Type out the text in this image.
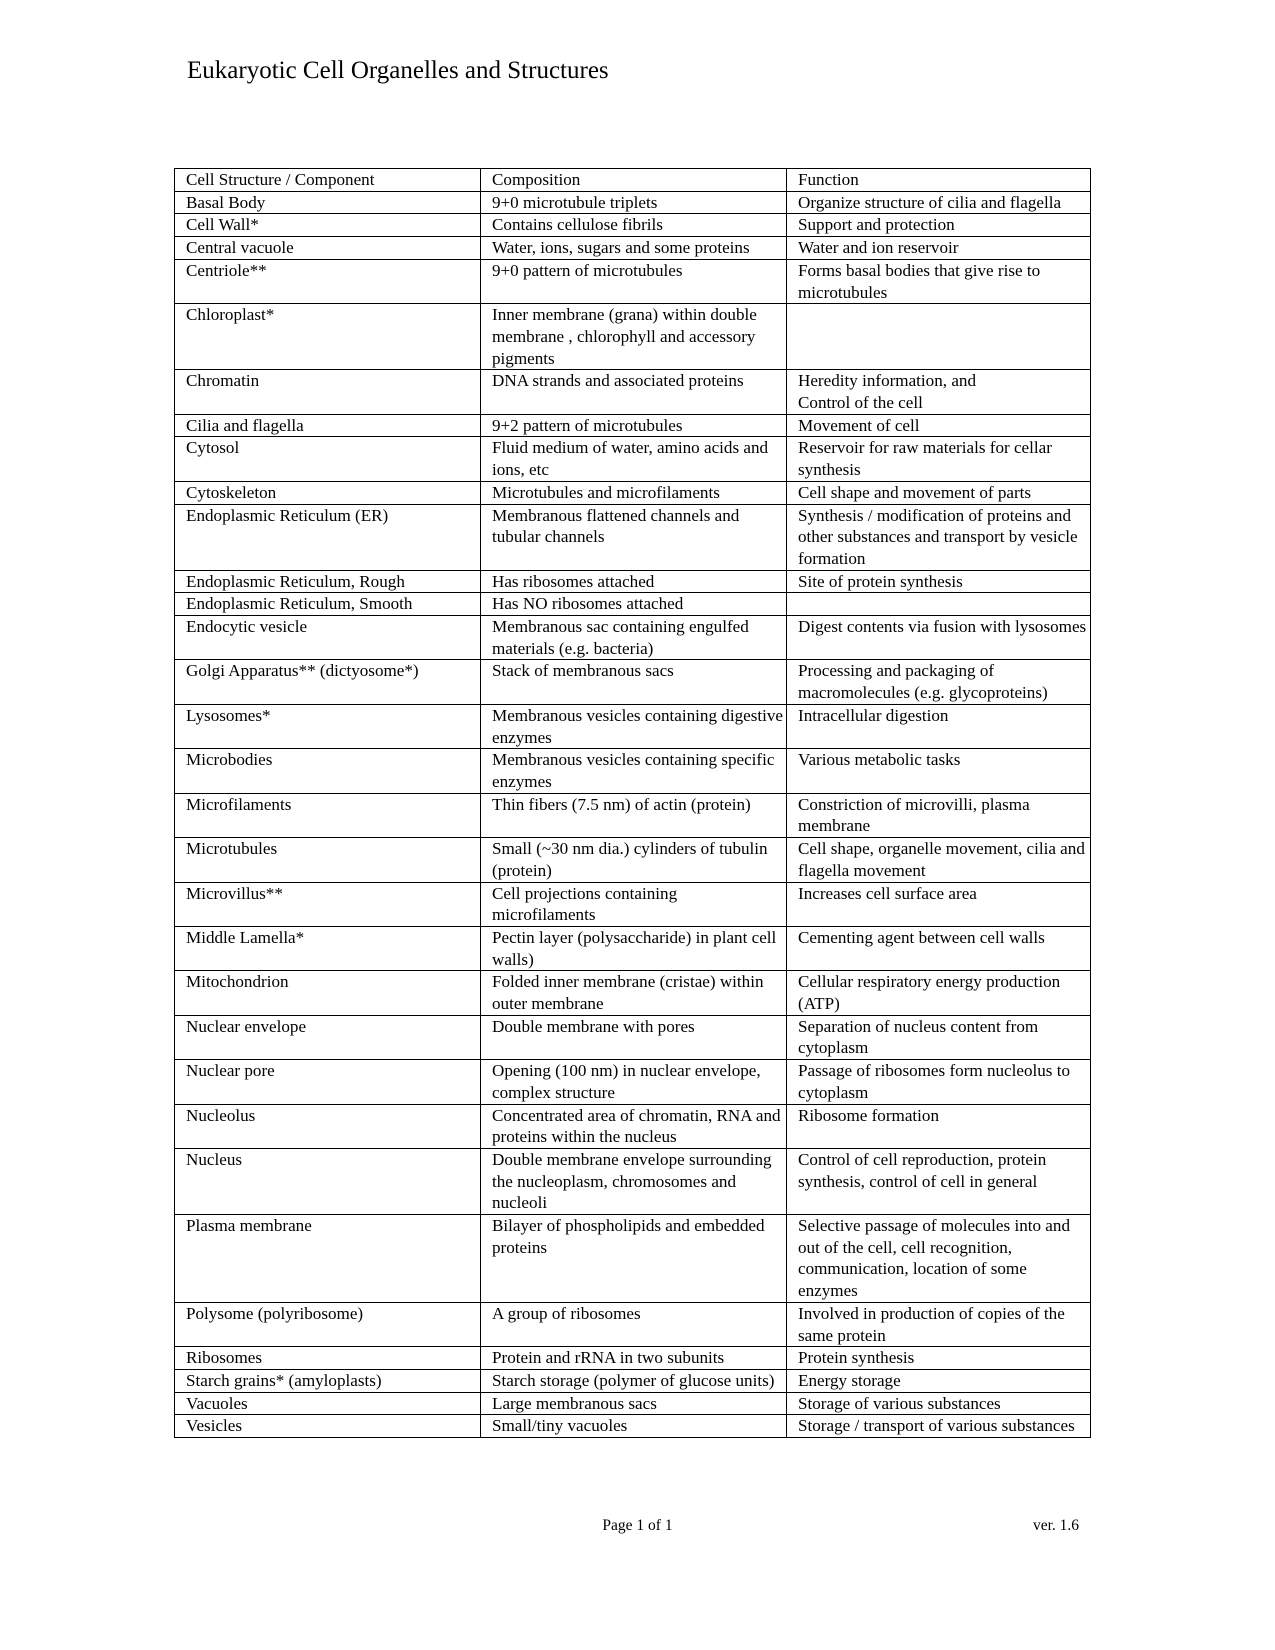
Eukaryotic Cell Organelles and Structures
Cell Structure / Component	Composition	Function
Basal Body	9+0 microtubule triplets	Organize structure of cilia and flagella
Cell Wall*	Contains cellulose fibrils	Support and protection
Central vacuole	Water, ions, sugars and some proteins	Water and ion reservoir
Centriole**	9+0 pattern of microtubules	Forms basal bodies that give rise to microtubules
Chloroplast*	Inner membrane (grana) within double membrane , chlorophyll and accessory pigments	
Chromatin	DNA strands and associated proteins	Heredity information, and
Control of the cell
Cilia and flagella	9+2 pattern of microtubules	Movement of cell
Cytosol	Fluid medium of water, amino acids and ions, etc	Reservoir for raw materials for cellar synthesis
Cytoskeleton	Microtubules and microfilaments	Cell shape and movement of parts
Endoplasmic Reticulum (ER)	Membranous flattened channels and tubular channels	Synthesis / modification of proteins and other substances and transport by vesicle formation
Endoplasmic Reticulum, Rough	Has ribosomes attached	Site of protein synthesis
Endoplasmic Reticulum, Smooth	Has NO ribosomes attached	
Endocytic vesicle	Membranous sac containing engulfed materials (e.g. bacteria)	Digest contents via fusion with lysosomes
Golgi Apparatus** (dictyosome*)	Stack of membranous sacs	Processing and packaging of macromolecules (e.g. glycoproteins)
Lysosomes*	Membranous vesicles containing digestive enzymes	Intracellular digestion
Microbodies	Membranous vesicles containing specific enzymes	Various metabolic tasks
Microfilaments	Thin fibers (7.5 nm) of actin (protein)	Constriction of microvilli, plasma membrane
Microtubules	Small (~30 nm dia.) cylinders of tubulin (protein)	Cell shape, organelle movement, cilia and flagella movement
Microvillus**	Cell projections containing microfilaments	Increases cell surface area
Middle Lamella*	Pectin layer (polysaccharide) in plant cell walls)	Cementing agent between cell walls
Mitochondrion	Folded inner membrane (cristae) within outer membrane	Cellular respiratory energy production (ATP)
Nuclear envelope	Double membrane with pores	Separation of nucleus content from cytoplasm
Nuclear pore	Opening (100 nm) in nuclear envelope, complex structure	Passage of ribosomes form nucleolus to cytoplasm
Nucleolus	Concentrated area of chromatin, RNA and proteins within the nucleus	Ribosome formation
Nucleus	Double membrane envelope surrounding the nucleoplasm, chromosomes and nucleoli	Control of cell reproduction, protein synthesis, control of cell in general
Plasma membrane	Bilayer of phospholipids and embedded proteins	Selective passage of molecules into and out of the cell, cell recognition, communication, location of some enzymes
Polysome (polyribosome)	A group of ribosomes	Involved in production of copies of the same protein
Ribosomes	Protein and rRNA in two subunits	Protein synthesis
Starch grains* (amyloplasts)	Starch storage (polymer of glucose units)	Energy storage
Vacuoles	Large membranous sacs	Storage of various substances
Vesicles	Small/tiny vacuoles	Storage / transport of various substances
Page 1 of 1	ver. 1.6
